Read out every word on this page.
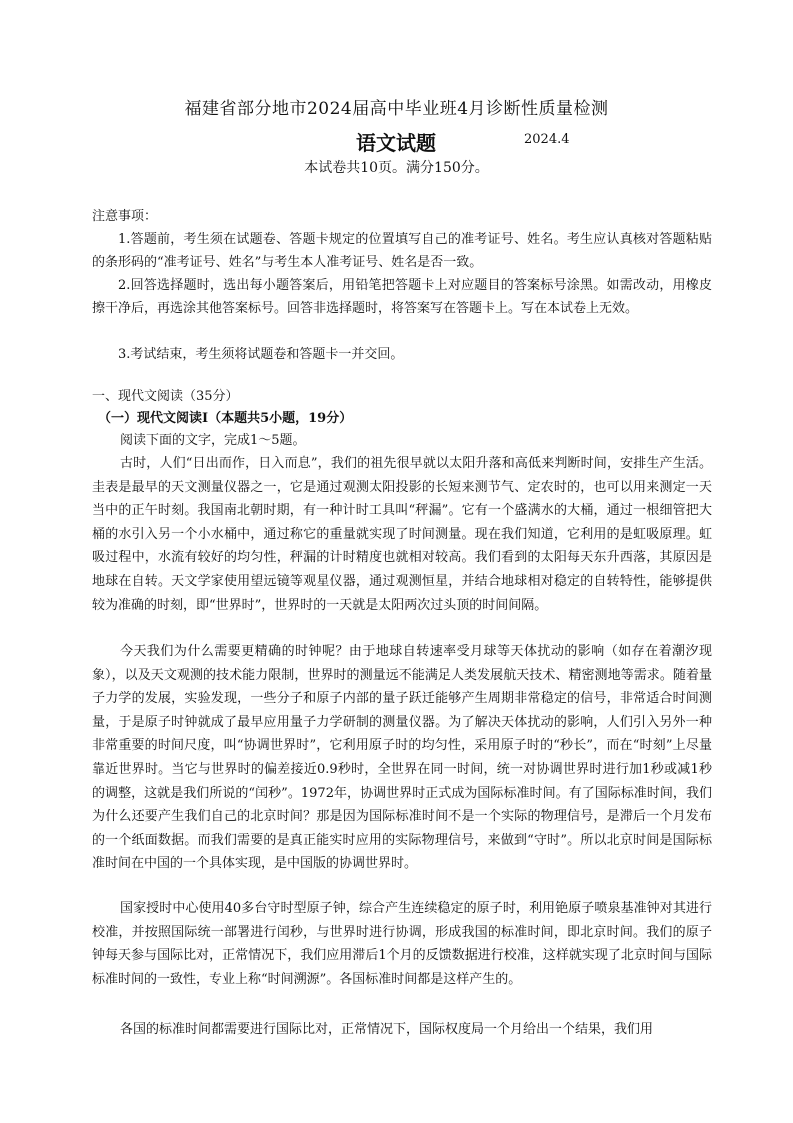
福建省部分地市2024届高中毕业班4月诊断性质量检测
语文试题	2024.4
本试卷共10页。满分150分。
注意事项：
1.答题前，考生须在试题卷、答题卡规定的位置填写自己的准考证号、姓名。考生应认真核对答题粘贴的条形码的“准考证号、姓名”与考生本人准考证号、姓名是否一致。
2.回答选择题时，选出每小题答案后，用铅笔把答题卡上对应题目的答案标号涂黑。如需改动，用橡皮擦干净后，再选涂其他答案标号。回答非选择题时，将答案写在答题卡上。写在本试卷上无效。
3.考试结束，考生须将试题卷和答题卡一并交回。
一、现代文阅读（35分）
（一）现代文阅读Ⅰ（本题共5小题，19分）
阅读下面的文字，完成1～5题。
古时，人们“日出而作，日入而息”，我们的祖先很早就以太阳升落和高低来判断时间，安排生产生活。圭表是最早的天文测量仪器之一，它是通过观测太阳投影的长短来测节气、定农时的，也可以用来测定一天当中的正午时刻。我国南北朝时期，有一种计时工具叫“秤漏”。它有一个盛满水的大桶，通过一根细管把大桶的水引入另一个小水桶中，通过称它的重量就实现了时间测量。现在我们知道，它利用的是虹吸原理。虹吸过程中，水流有较好的均匀性，秤漏的计时精度也就相对较高。我们看到的太阳每天东升西落，其原因是地球在自转。天文学家使用望远镜等观星仪器，通过观测恒星，并结合地球相对稳定的自转特性，能够提供较为准确的时刻，即“世界时”，世界时的一天就是太阳两次过头顶的时间间隔。
今天我们为什么需要更精确的时钟呢？由于地球自转速率受月球等天体扰动的影响（如存在着潮汐现象），以及天文观测的技术能力限制，世界时的测量远不能满足人类发展航天技术、精密测地等需求。随着量子力学的发展，实验发现，一些分子和原子内部的量子跃迁能够产生周期非常稳定的信号，非常适合时间测量，于是原子时钟就成了最早应用量子力学研制的测量仪器。为了解决天体扰动的影响，人们引入另外一种非常重要的时间尺度，叫“协调世界时”，它利用原子时的均匀性，采用原子时的“秒长”，而在“时刻”上尽量靠近世界时。当它与世界时的偏差接近0.9秒时，全世界在同一时间，统一对协调世界时进行加1秒或减1秒的调整，这就是我们所说的“闰秒”。1972年，协调世界时正式成为国际标准时间。有了国际标准时间，我们为什么还要产生我们自己的北京时间？那是因为国际标准时间不是一个实际的物理信号，是滞后一个月发布的一个纸面数据。而我们需要的是真正能实时应用的实际物理信号，来做到“守时”。所以北京时间是国际标准时间在中国的一个具体实现，是中国版的协调世界时。
国家授时中心使用40多台守时型原子钟，综合产生连续稳定的原子时，利用铯原子喷泉基准钟对其进行校准，并按照国际统一部署进行闰秒，与世界时进行协调，形成我国的标准时间，即北京时间。我们的原子钟每天参与国际比对，正常情况下，我们应用滞后1个月的反馈数据进行校准，这样就实现了北京时间与国际标准时间的一致性，专业上称“时间溯源”。各国标准时间都是这样产生的。
各国的标准时间都需要进行国际比对，正常情况下，国际权度局一个月给出一个结果，我们用
